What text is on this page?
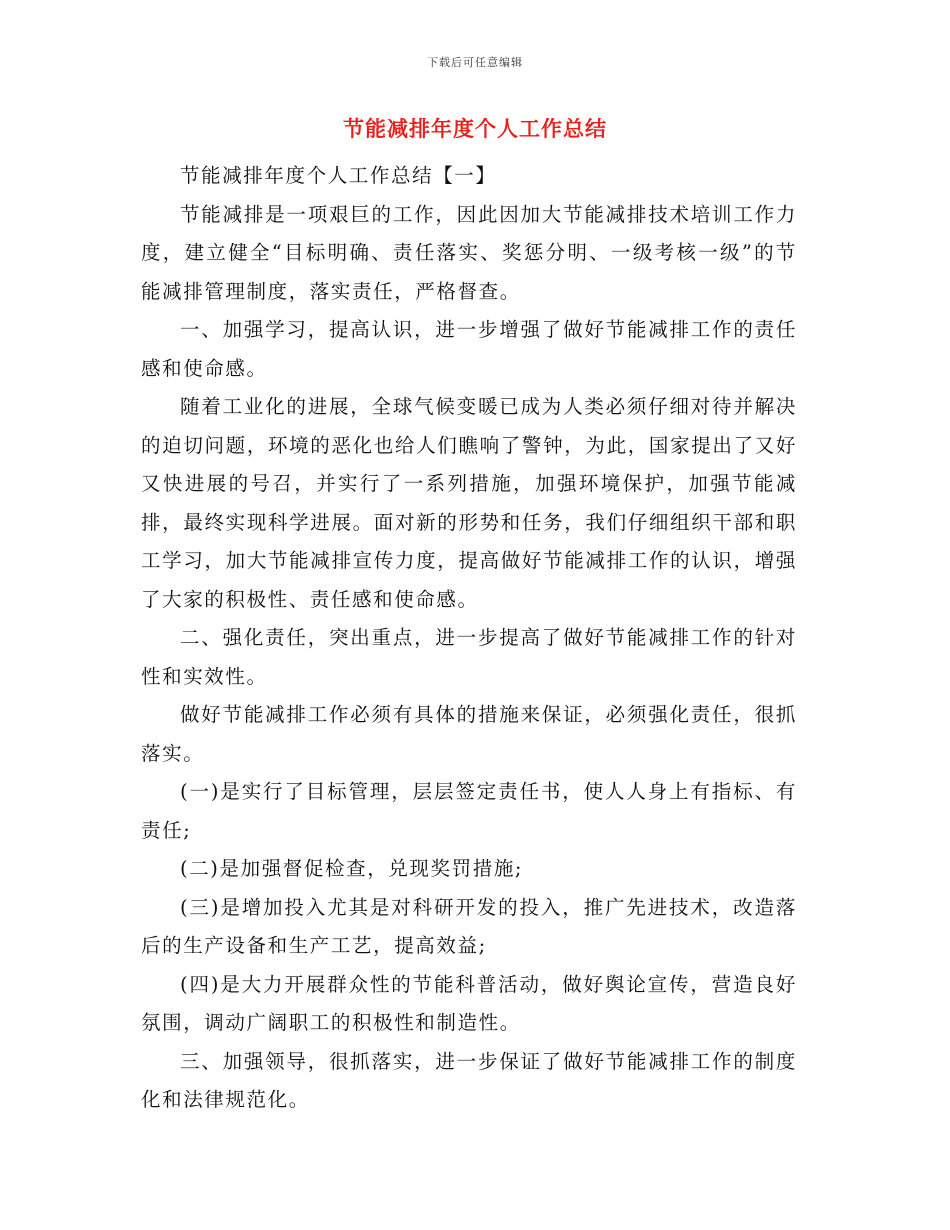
下载后可任意编辑
节能减排年度个人工作总结

节能减排年度个人工作总结【一】

节能减排是一项艰巨的工作，因此因加大节能减排技术培训工作力度，建立健全“目标明确、责任落实、奖惩分明、一级考核一级”的节能减排管理制度，落实责任，严格督查。

一、加强学习，提高认识，进一步增强了做好节能减排工作的责任感和使命感。

随着工业化的进展，全球气候变暖已成为人类必须仔细对待并解决的迫切问题，环境的恶化也给人们瞧响了警钟，为此，国家提出了又好又快进展的号召，并实行了一系列措施，加强环境保护，加强节能减排，最终实现科学进展。面对新的形势和任务，我们仔细组织干部和职工学习，加大节能减排宣传力度，提高做好节能减排工作的认识，增强了大家的积极性、责任感和使命感。

二、强化责任，突出重点，进一步提高了做好节能减排工作的针对性和实效性。

做好节能减排工作必须有具体的措施来保证，必须强化责任，很抓落实。

(一)是实行了目标管理，层层签定责任书，使人人身上有指标、有责任;

(二)是加强督促检查，兑现奖罚措施;

(三)是增加投入尤其是对科研开发的投入，推广先进技术，改造落后的生产设备和生产工艺，提高效益;

(四)是大力开展群众性的节能科普活动，做好舆论宣传，营造良好氛围，调动广阔职工的积极性和制造性。

三、加强领导，很抓落实，进一步保证了做好节能减排工作的制度化和法律规范化。
